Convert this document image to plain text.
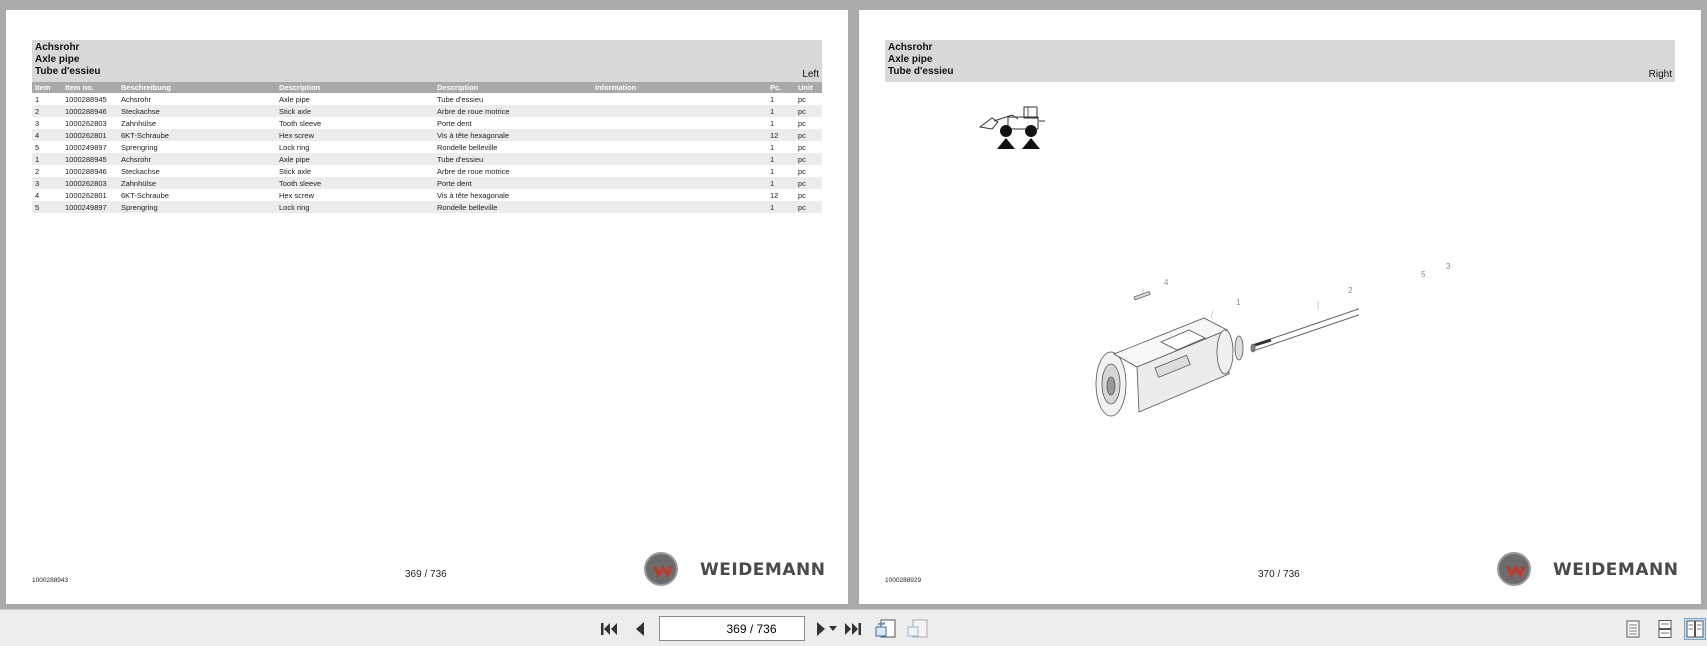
Achsrohr
Axle pipe
Tube d'essieu	Left
Item	Item no.	Beschreibung	Description	Description	Information	Pc.	Unit
1	1000288945	Achsrohr	Axle pipe	Tube d'essieu		1	pc
2	1000288946	Steckachse	Stick axle	Arbre de roue motrice		1	pc
3	1000262803	Zahnhülse	Tooth sleeve	Porte dent		1	pc
4	1000262801	6KT-Schraube	Hex screw	Vis à tête hexagonale		12	pc
5	1000249897	Sprengring	Lock ring	Rondelle belleville		1	pc
1	1000288945	Achsrohr	Axle pipe	Tube d'essieu		1	pc
2	1000288946	Steckachse	Stick axle	Arbre de roue motrice		1	pc
3	1000262803	Zahnhülse	Tooth sleeve	Porte dent		1	pc
4	1000262801	6KT-Schraube	Hex screw	Vis à tête hexagonale		12	pc
5	1000249897	Sprengring	Lock ring	Rondelle belleville		1	pc
1000288943
369 / 736	WEIDEMANN
Achsrohr
Axle pipe
Tube d'essieu	Right
1
2
3
4
5
1000288929
370 / 736	WEIDEMANN
369 / 736
